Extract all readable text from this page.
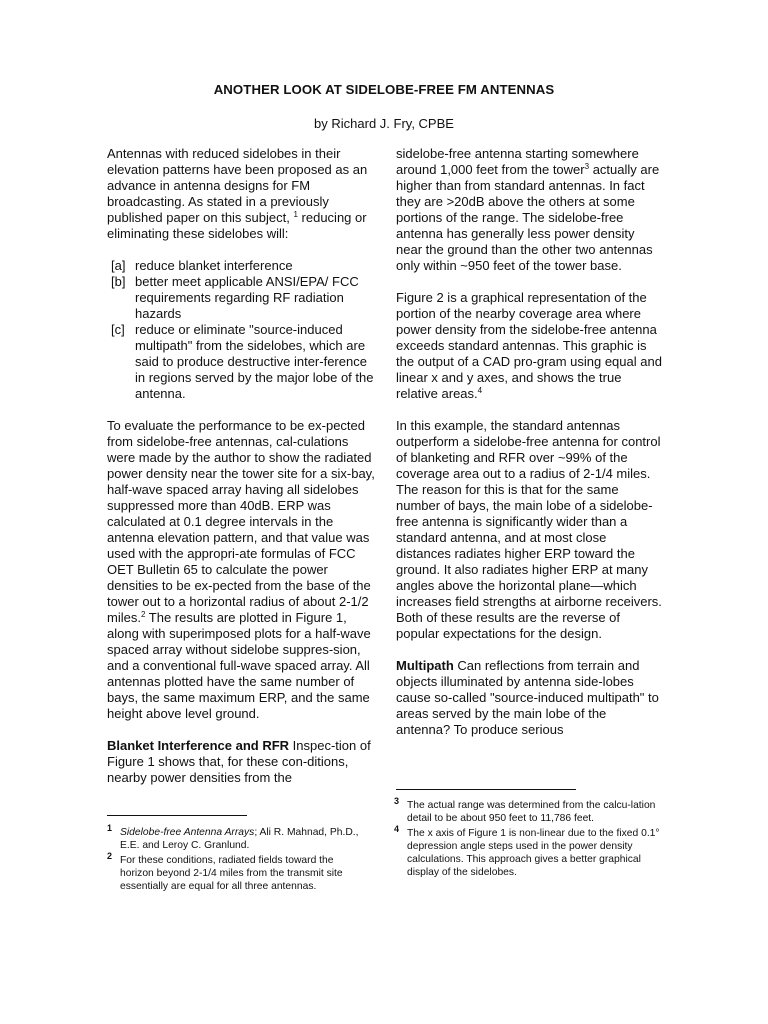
ANOTHER LOOK AT SIDELOBE-FREE FM ANTENNAS
by Richard J. Fry, CPBE

Antennas with reduced sidelobes in their elevation patterns have been proposed as an advance in antenna designs for FM broadcasting. As stated in a previously published paper on this subject, $^1$ reducing or eliminating these sidelobes will:

[a] reduce blanket interference
[b] better meet applicable ANSI/EPA/ FCC requirements regarding RF radiation hazards
[c] reduce or eliminate "source-induced multipath" from the sidelobes, which are said to produce destructive inter-ference in regions served by the major lobe of the antenna.

To evaluate the performance to be ex-pected from sidelobe-free antennas, cal-culations were made by the author to show the radiated power density near the tower site for a six-bay, half-wave spaced array having all sidelobes suppressed more than 40dB. ERP was calculated at 0.1 degree intervals in the antenna elevation pattern, and that value was used with the appropri-ate formulas of FCC OET Bulletin 65 to calculate the power densities to be ex-pected from the base of the tower out to a horizontal radius of about 2-1/2 miles.$^2$ The results are plotted in Figure 1, along with superimposed plots for a half-wave spaced array without sidelobe suppres-sion, and a conventional full-wave spaced array. All antennas plotted have the same number of bays, the same maximum ERP, and the same height above level ground.

Blanket Interference and RFR Inspec-tion of Figure 1 shows that, for these con-ditions, nearby power densities from the

sidelobe-free antenna starting somewhere around 1,000 feet from the tower$^3$ actually are higher than from standard antennas. In fact they are >20dB above the others at some portions of the range. The sidelobe-free antenna has generally less power density near the ground than the other two antennas only within ~950 feet of the tower base.

Figure 2 is a graphical representation of the portion of the nearby coverage area where power density from the sidelobe-free antenna exceeds standard antennas. This graphic is the output of a CAD pro-gram using equal and linear x and y axes, and shows the true relative areas.$^4$

In this example, the standard antennas outperform a sidelobe-free antenna for control of blanketing and RFR over ~99% of the coverage area out to a radius of 2-1/4 miles. The reason for this is that for the same number of bays, the main lobe of a sidelobe-free antenna is significantly wider than a standard antenna, and at most close distances radiates higher ERP toward the ground. It also radiates higher ERP at many angles above the horizontal plane—which increases field strengths at airborne receivers. Both of these results are the reverse of popular expectations for the design.

Multipath Can reflections from terrain and objects illuminated by antenna side-lobes cause so-called "source-induced multipath" to areas served by the main lobe of the antenna? To produce serious

1 Sidelobe-free Antenna Arrays; Ali R. Mahnad, Ph.D., E.E. and Leroy C. Granlund.
2 For these conditions, radiated fields toward the horizon beyond 2-1/4 miles from the transmit site essentially are equal for all three antennas.
3 The actual range was determined from the calcu-lation detail to be about 950 feet to 11,786 feet.
4 The x axis of Figure 1 is non-linear due to the fixed 0.1° depression angle steps used in the power density calculations. This approach gives a better graphical display of the sidelobes.
